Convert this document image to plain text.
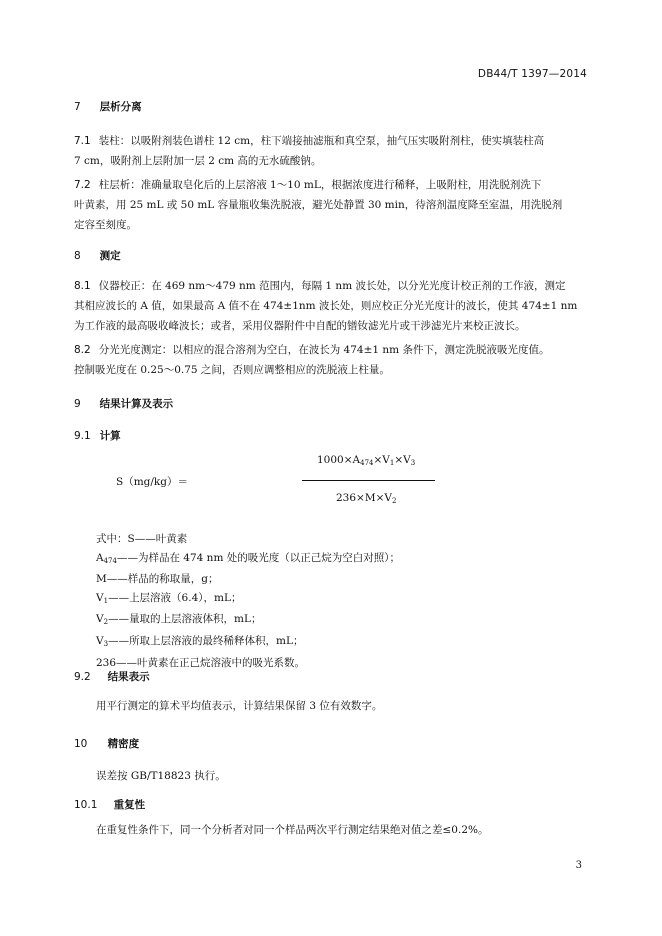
DB44/T 1397—2014
7 层析分离
7.1 装柱：以吸附剂装色谱柱 12 cm，柱下端接抽滤瓶和真空泵，抽气压实吸附剂柱，使实填装柱高
7 cm，吸附剂上层附加一层 2 cm 高的无水硫酸钠。
7.2 柱层析：准确量取皂化后的上层溶液 1～10 mL，根据浓度进行稀释，上吸附柱，用洗脱剂洗下
叶黄素，用 25 mL 或 50 mL 容量瓶收集洗脱液，避光处静置 30 min，待溶剂温度降至室温，用洗脱剂
定容至刻度。
8 测定
8.1 仪器校正：在 469 nm～479 nm 范围内，每隔 1 nm 波长处，以分光光度计校正剂的工作液，测定
其相应波长的 A 值，如果最高 A 值不在 474±1nm 波长处，则应校正分光光度计的波长，使其 474±1 nm
为工作液的最高吸收峰波长；或者，采用仪器附件中自配的镨钕滤光片或干涉滤光片来校正波长。
8.2 分光光度测定：以相应的混合溶剂为空白，在波长为 474±1 nm 条件下，测定洗脱液吸光度值。
控制吸光度在 0.25～0.75 之间，否则应调整相应的洗脱液上柱量。
9 结果计算及表示
9.1 计算
S（mg/kg）＝
$1000\times A_{474}\times V_1\times V_3$
$236\times M\times V_2$
式中：S——叶黄素
$A_{474}——$为样品在 474 nm 处的吸光度（以正己烷为空白对照）；
M——样品的称取量，g；
$V_1——$上层溶液（6.4），mL；
$V_2——$量取的上层溶液体积，mL；
$V_3——$所取上层溶液的最终稀释体积，mL；
236——叶黄素在正己烷溶液中的吸光系数。
9.2 结果表示
用平行测定的算术平均值表示，计算结果保留 3 位有效数字。
10 精密度
误差按 GB/T18823 执行。
10.1 重复性
在重复性条件下，同一个分析者对同一个样品两次平行测定结果绝对值之差≤0.2%。
3
